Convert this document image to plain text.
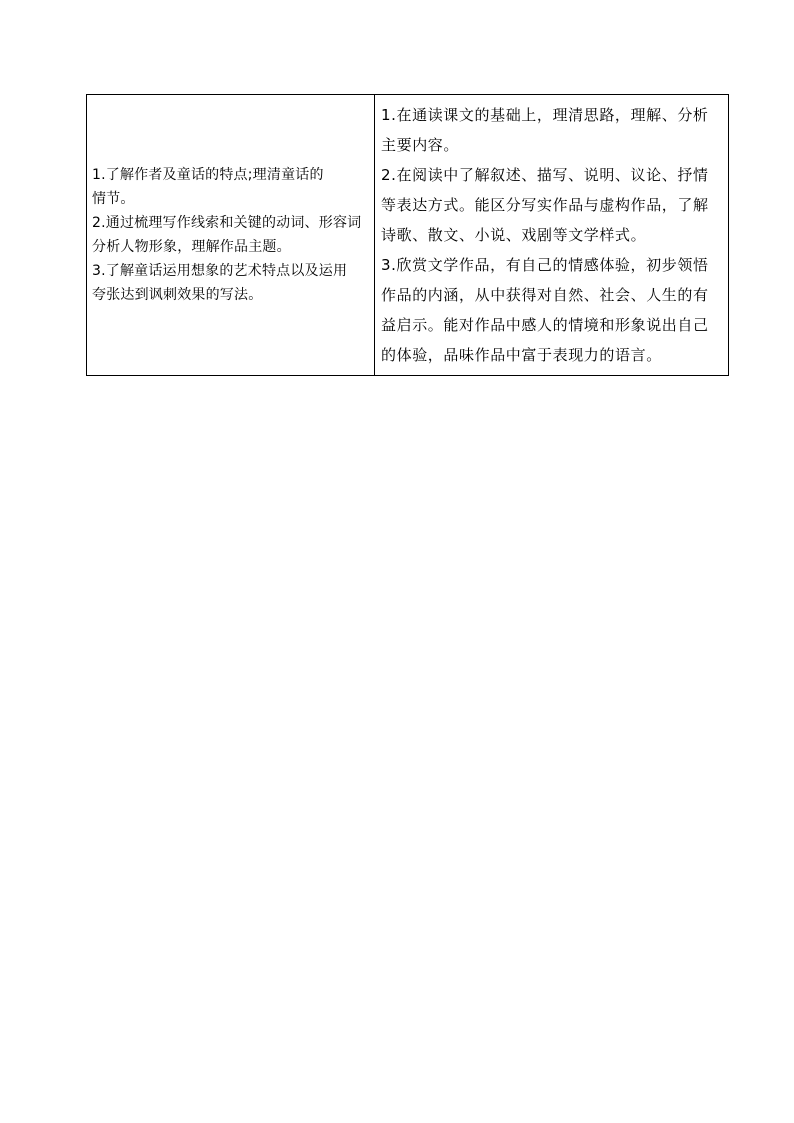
1.了解作者及童话的特点;理清童话的
情节。
2.通过梳理写作线索和关键的动词、形容词
分析人物形象，理解作品主题。
3.了解童话运用想象的艺术特点以及运用
夸张达到讽刺效果的写法。

1.在通读课文的基础上，理清思路，理解、分析
主要内容。
2.在阅读中了解叙述、描写、说明、议论、抒情
等表达方式。能区分写实作品与虚构作品，了解
诗歌、散文、小说、戏剧等文学样式。
3.欣赏文学作品，有自己的情感体验，初步领悟
作品的内涵，从中获得对自然、社会、人生的有
益启示。能对作品中感人的情境和形象说出自己
的体验，品味作品中富于表现力的语言。
